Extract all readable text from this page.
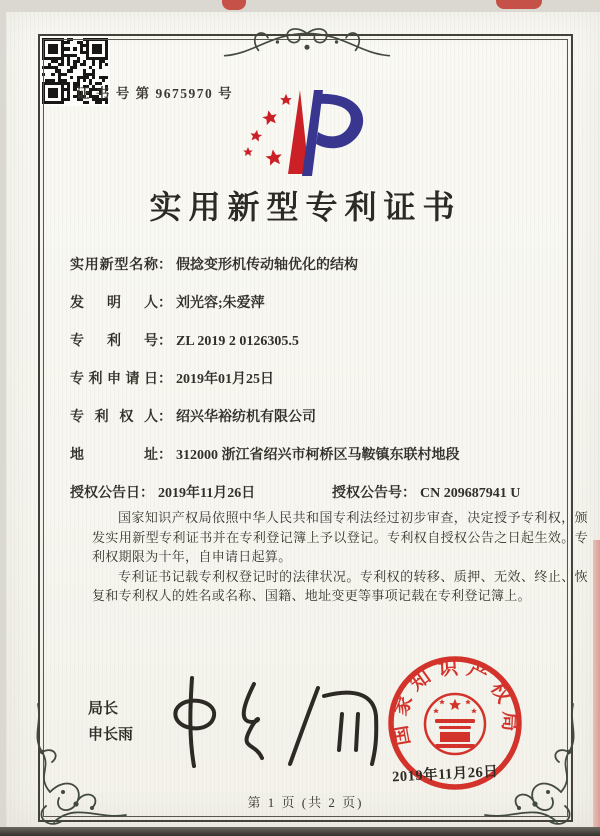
证 书 号 第 9675970 号
实用新型专利证书
实用新型名称： 假捻变形机传动轴优化的结构
发明人： 刘光容;朱爱萍
专利号： ZL 2019 2 0126305.5
专利申请日： 2019年01月25日
专利权人： 绍兴华裕纺机有限公司
地址： 312000 浙江省绍兴市柯桥区马鞍镇东联村地段
授权公告日： 2019年11月26日	授权公告号： CN 209687941 U

国家知识产权局依照中华人民共和国专利法经过初步审查，决定授予专利权，颁发实用新型专利证书并在专利登记簿上予以登记。专利权自授权公告之日起生效。专利权期限为十年，自申请日起算。

专利证书记载专利权登记时的法律状况。专利权的转移、质押、无效、终止、恢复和专利权人的姓名或名称、国籍、地址变更等事项记载在专利登记簿上。

局长
申长雨	国家知识产权局
2019年11月26日
第 1 页 (共 2 页)
